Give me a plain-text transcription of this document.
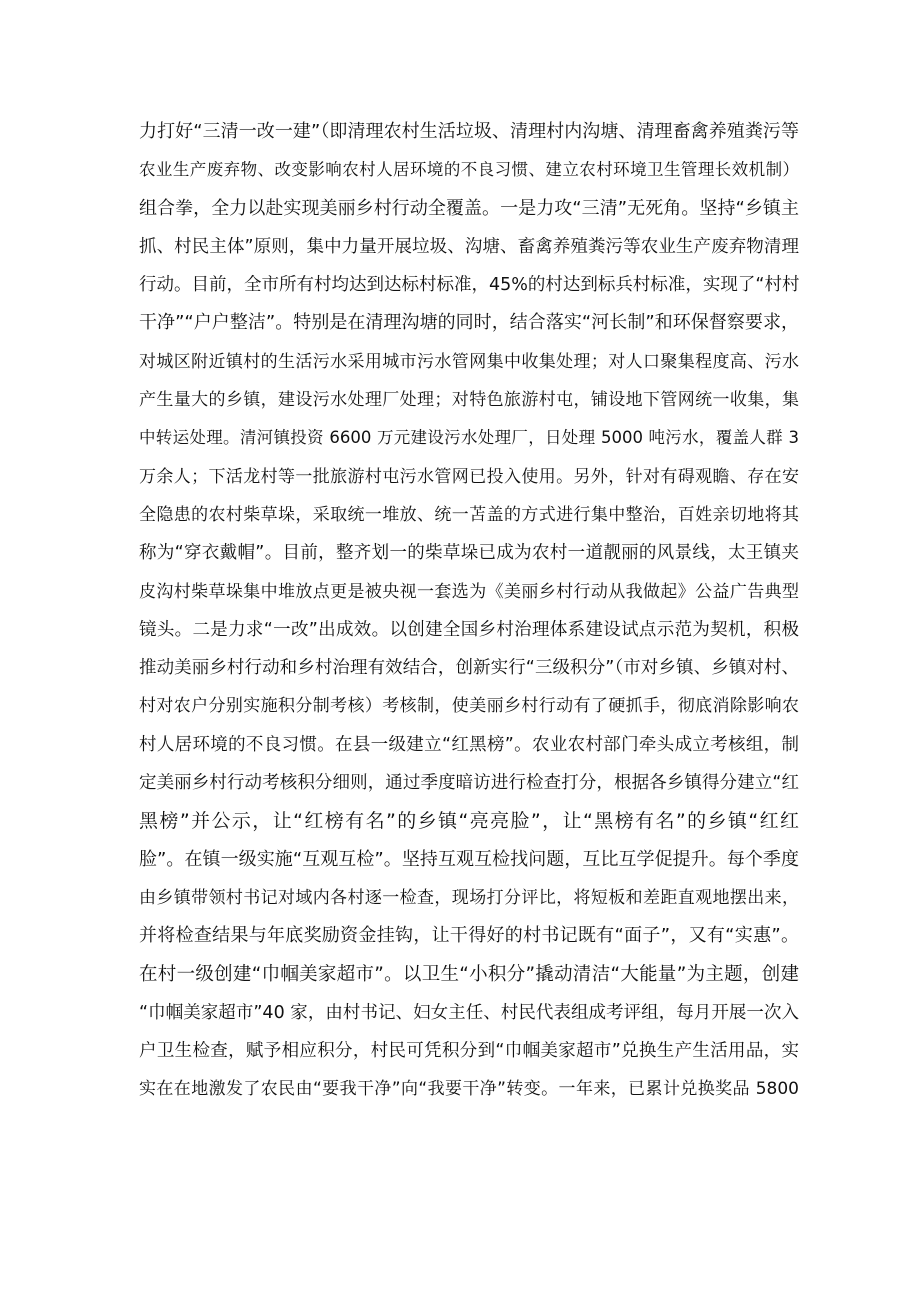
力打好“三清一改一建”（即清理农村生活垃圾、清理村内沟塘、清理畜禽养殖粪污等
农业生产废弃物、改变影响农村人居环境的不良习惯、建立农村环境卫生管理长效机制）
组合拳，全力以赴实现美丽乡村行动全覆盖。一是力攻“三清”无死角。坚持“乡镇主
抓、村民主体”原则，集中力量开展垃圾、沟塘、畜禽养殖粪污等农业生产废弃物清理
行动。目前，全市所有村均达到达标村标准，45%的村达到标兵村标准，实现了“村村
干净”“户户整洁”。特别是在清理沟塘的同时，结合落实“河长制”和环保督察要求，
对城区附近镇村的生活污水采用城市污水管网集中收集处理；对人口聚集程度高、污水
产生量大的乡镇，建设污水处理厂处理；对特色旅游村屯，铺设地下管网统一收集，集
中转运处理。清河镇投资 6600 万元建设污水处理厂，日处理 5000 吨污水，覆盖人群 3
万余人；下活龙村等一批旅游村屯污水管网已投入使用。另外，针对有碍观瞻、存在安
全隐患的农村柴草垛，采取统一堆放、统一苫盖的方式进行集中整治，百姓亲切地将其
称为“穿衣戴帽”。目前，整齐划一的柴草垛已成为农村一道靓丽的风景线，太王镇夹
皮沟村柴草垛集中堆放点更是被央视一套选为《美丽乡村行动从我做起》公益广告典型
镜头。二是力求“一改”出成效。以创建全国乡村治理体系建设试点示范为契机，积极
推动美丽乡村行动和乡村治理有效结合，创新实行“三级积分”（市对乡镇、乡镇对村、
村对农户分别实施积分制考核）考核制，使美丽乡村行动有了硬抓手，彻底消除影响农
村人居环境的不良习惯。在县一级建立“红黑榜”。农业农村部门牵头成立考核组，制
定美丽乡村行动考核积分细则，通过季度暗访进行检查打分，根据各乡镇得分建立“红
黑榜”并公示，让“红榜有名”的乡镇“亮亮脸”，让“黑榜有名”的乡镇“红红
脸”。在镇一级实施“互观互检”。坚持互观互检找问题，互比互学促提升。每个季度
由乡镇带领村书记对域内各村逐一检查，现场打分评比，将短板和差距直观地摆出来，
并将检查结果与年底奖励资金挂钩，让干得好的村书记既有“面子”，又有“实惠”。
在村一级创建“巾帼美家超市”。以卫生“小积分”撬动清洁“大能量”为主题，创建
“巾帼美家超市”40 家，由村书记、妇女主任、村民代表组成考评组，每月开展一次入
户卫生检查，赋予相应积分，村民可凭积分到“巾帼美家超市”兑换生产生活用品，实
实在在地激发了农民由“要我干净”向“我要干净”转变。一年来，已累计兑换奖品 5800
